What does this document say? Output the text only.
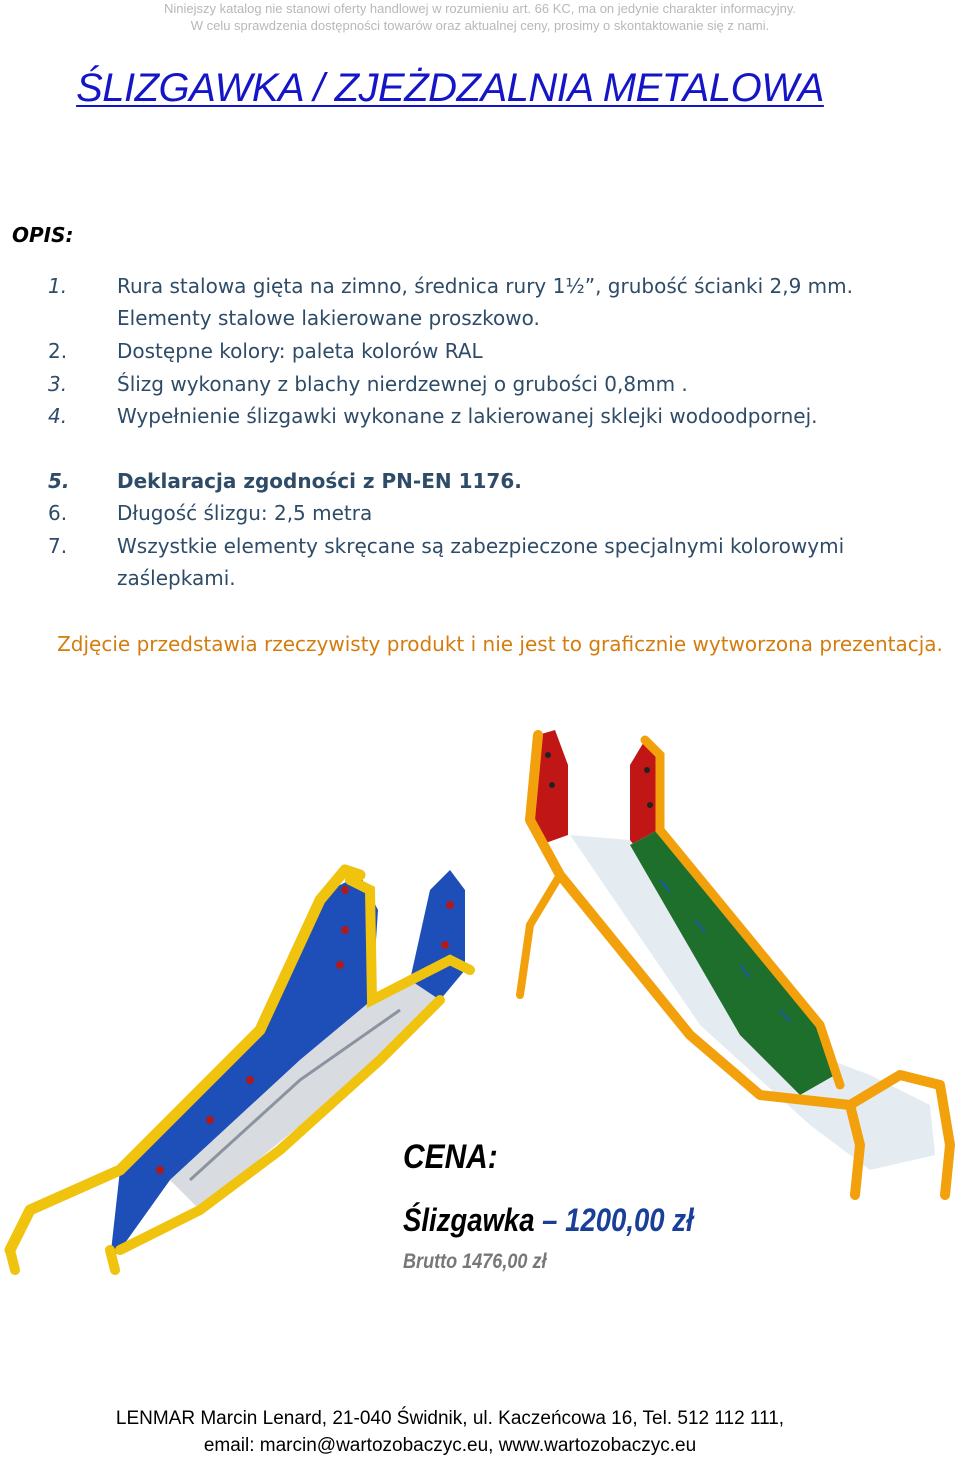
Niniejszy katalog nie stanowi oferty handlowej w rozumieniu art. 66 KC, ma on jedynie charakter informacyjny.
W celu sprawdzenia dostępności towarów oraz aktualnej ceny, prosimy o skontaktowanie się z nami.
ŚLIZGAWKA / ZJEŻDZALNIA METALOWA
OPIS:
1. Rura stalowa gięta na zimno, średnica rury 1½”, grubość ścianki 2,9 mm. Elementy stalowe lakierowane proszkowo.
2. Dostępne kolory: paleta kolorów RAL
3. Ślizg wykonany z blachy nierdzewnej o grubości 0,8mm .
4. Wypełnienie ślizgawki wykonane z lakierowanej sklejki wodoodpornej.
5. Deklaracja zgodności z PN-EN 1176.
6. Długość ślizgu: 2,5 metra
7. Wszystkie elementy skręcane są zabezpieczone specjalnymi kolorowymi zaślepkami.
Zdjęcie przedstawia rzeczywisty produkt i nie jest to graficznie wytworzona prezentacja.
CENA:
Ślizgawka – 1200,00 zł
Brutto 1476,00 zł
LENMAR Marcin Lenard, 21-040 Świdnik, ul. Kaczeńcowa 16, Tel. 512 112 111,
email: marcin@wartozobaczyc.eu, www.wartozobaczyc.eu
